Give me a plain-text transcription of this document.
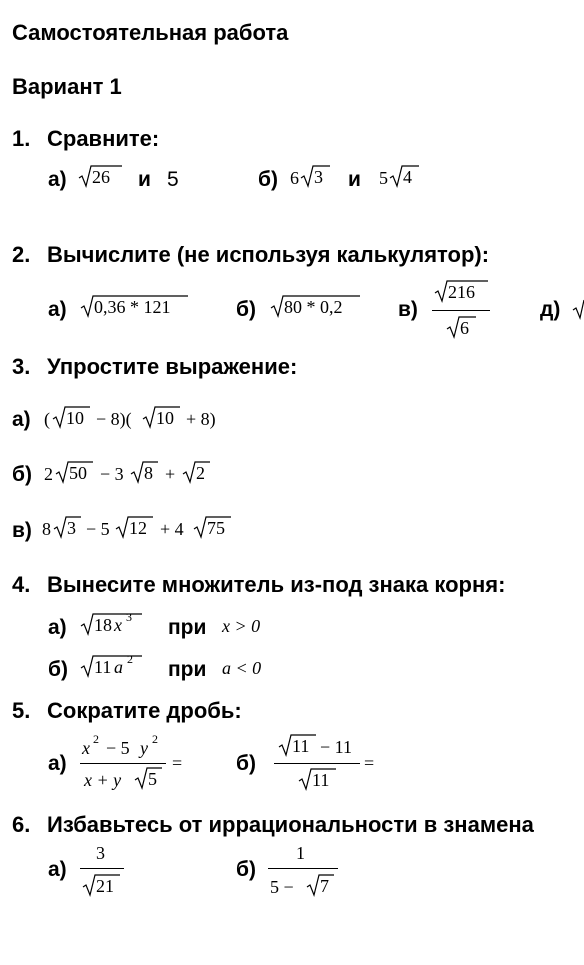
Самостоятельная работа
Вариант 1
1. Сравните:
а) 26 и 5	б) 6 3 и 5 4
2. Вычислите (не используя калькулятор):
а) 0,36 * 121	б) 80 * 0,2	в)
216
6
д)
3. Упростите выражение:
а) ( 10 − 8)( 10 + 8)
б) 2 50 − 3 8 + 2
в) 8 3 − 5 12 + 4 75
4. Вынесите множитель из-под знака корня:
а) 18 x 3 при x > 0
б) 11 a 2 при a < 0
5. Сократите дробь:
а)
x 2 − 5 y 2
x + y 5
=	б)
11 − 11
11
=
6. Избавьтесь от иррациональности в знамена
а)
3
21
б)
1
5 − 7
